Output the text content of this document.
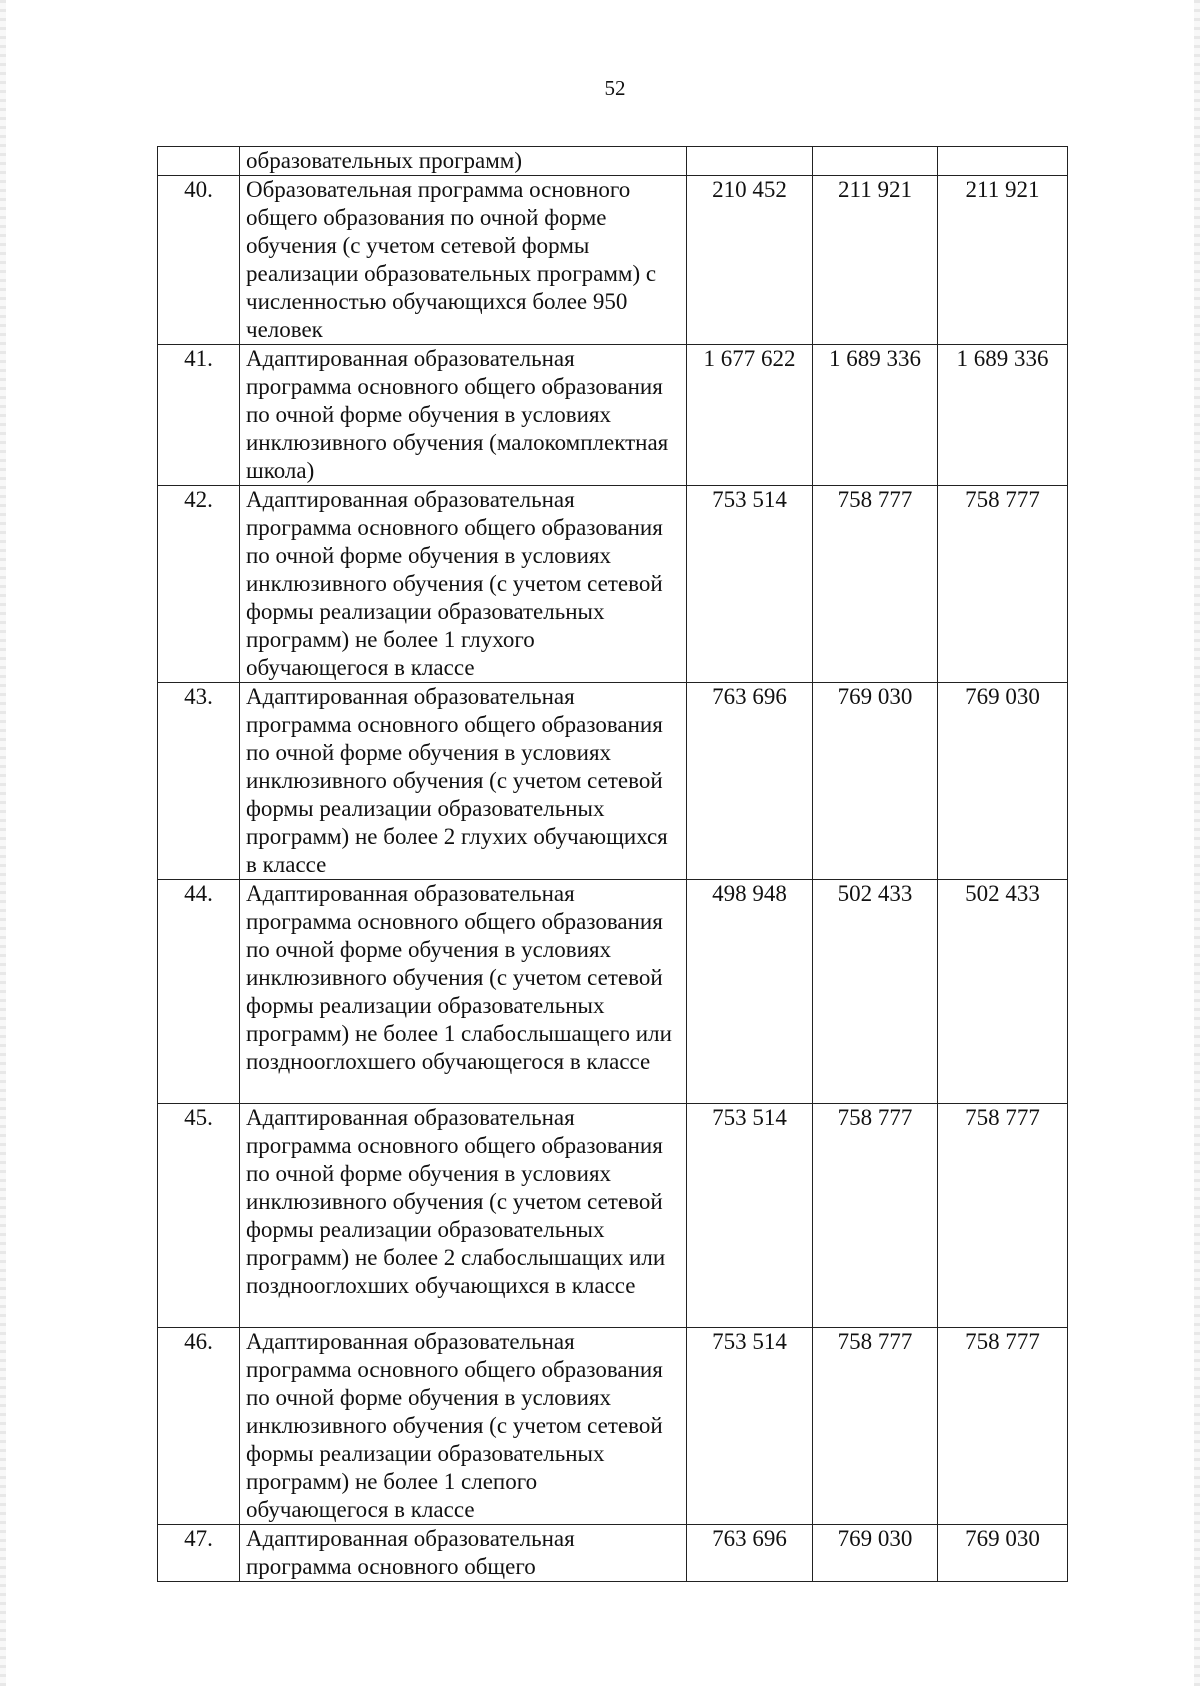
52
	образовательных программ)			
40.	Образовательная программа основного общего образования по очной форме обучения (с учетом сетевой формы реализации образовательных программ) с численностью обучающихся более 950 человек	210 452	211 921	211 921
41.	Адаптированная образовательная программа основного общего образования по очной форме обучения в условиях инклюзивного обучения (малокомплектная школа)	1 677 622	1 689 336	1 689 336
42.	Адаптированная образовательная программа основного общего образования по очной форме обучения в условиях инклюзивного обучения (с учетом сетевой формы реализации образовательных программ) не более 1 глухого обучающегося в классе	753 514	758 777	758 777
43.	Адаптированная образовательная программа основного общего образования по очной форме обучения в условиях инклюзивного обучения (с учетом сетевой формы реализации образовательных программ) не более 2 глухих обучающихся в классе	763 696	769 030	769 030
44.	Адаптированная образовательная программа основного общего образования по очной форме обучения в условиях инклюзивного обучения (с учетом сетевой формы реализации образовательных программ) не более 1 слабослышащего или позднооглохшего обучающегося в классе	498 948	502 433	502 433
45.	Адаптированная образовательная программа основного общего образования по очной форме обучения в условиях инклюзивного обучения (с учетом сетевой формы реализации образовательных программ) не более 2 слабослышащих или позднооглохших обучающихся в классе	753 514	758 777	758 777
46.	Адаптированная образовательная программа основного общего образования по очной форме обучения в условиях инклюзивного обучения (с учетом сетевой формы реализации образовательных программ) не более 1 слепого обучающегося в классе	753 514	758 777	758 777
47.	Адаптированная образовательная программа основного общего	763 696	769 030	769 030
